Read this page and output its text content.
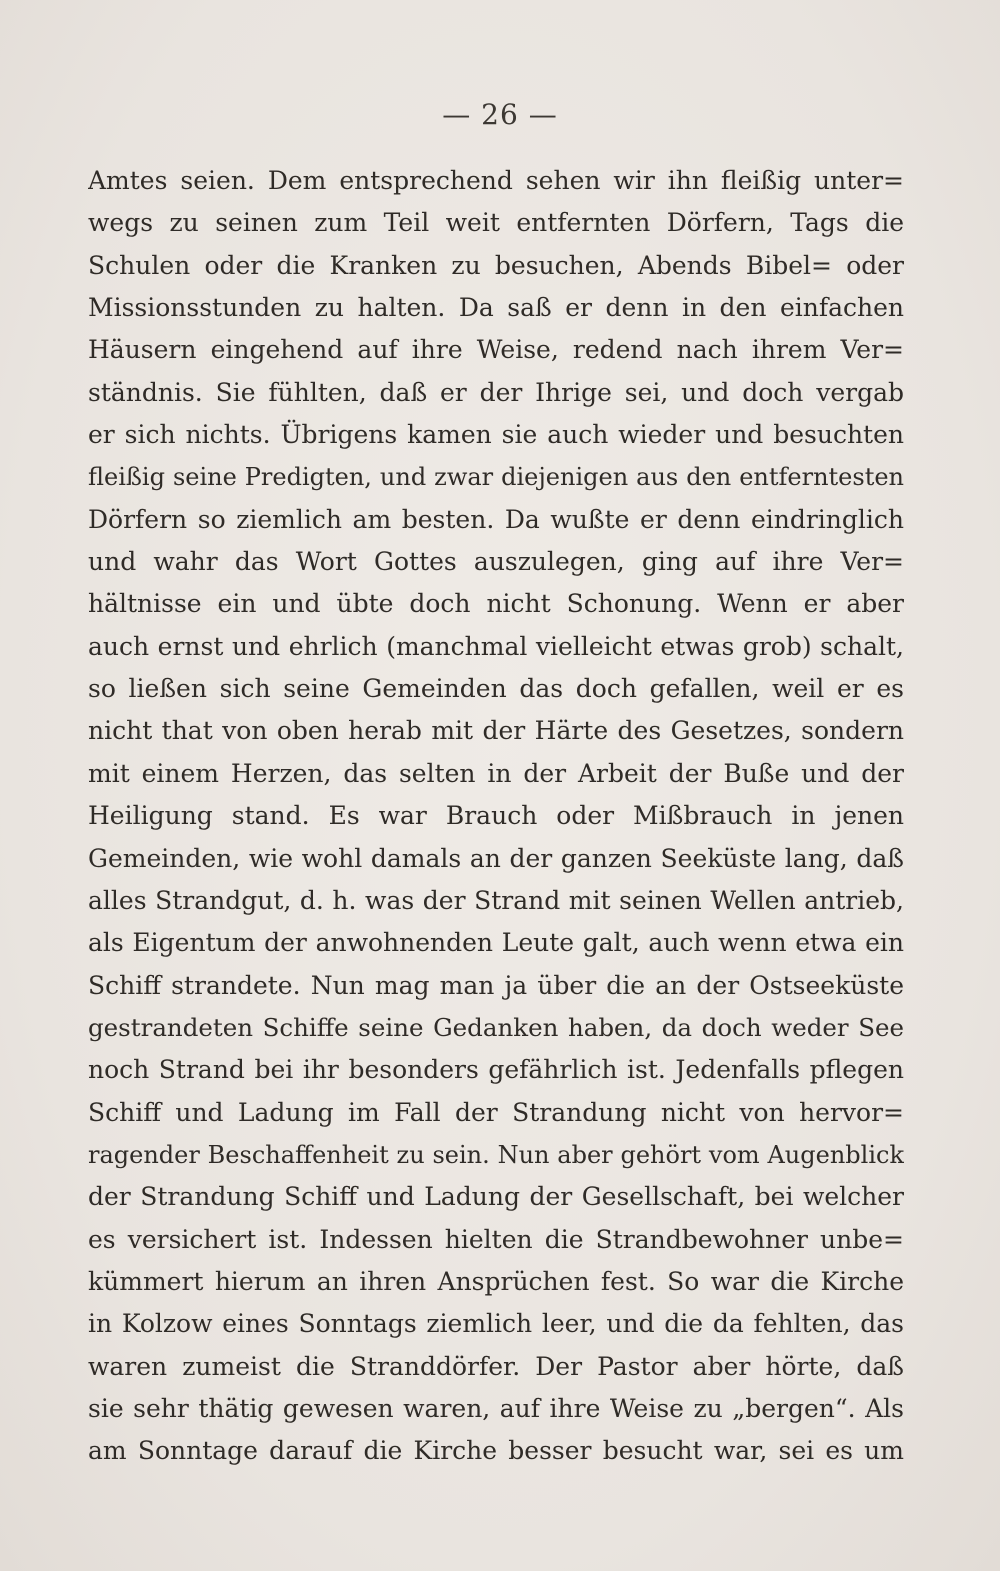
— 26 —
Amtes seien. Dem entsprechend sehen wir ihn fleißig unter=
wegs zu seinen zum Teil weit entfernten Dörfern, Tags die
Schulen oder die Kranken zu besuchen, Abends Bibel= oder
Missionsstunden zu halten. Da saß er denn in den einfachen
Häusern eingehend auf ihre Weise, redend nach ihrem Ver=
ständnis. Sie fühlten, daß er der Ihrige sei, und doch vergab
er sich nichts. Übrigens kamen sie auch wieder und besuchten
fleißig seine Predigten, und zwar diejenigen aus den entferntesten
Dörfern so ziemlich am besten. Da wußte er denn eindringlich
und wahr das Wort Gottes auszulegen, ging auf ihre Ver=
hältnisse ein und übte doch nicht Schonung. Wenn er aber
auch ernst und ehrlich (manchmal vielleicht etwas grob) schalt,
so ließen sich seine Gemeinden das doch gefallen, weil er es
nicht that von oben herab mit der Härte des Gesetzes, sondern
mit einem Herzen, das selten in der Arbeit der Buße und der
Heiligung stand. Es war Brauch oder Mißbrauch in jenen
Gemeinden, wie wohl damals an der ganzen Seeküste lang, daß
alles Strandgut, d. h. was der Strand mit seinen Wellen antrieb,
als Eigentum der anwohnenden Leute galt, auch wenn etwa ein
Schiff strandete. Nun mag man ja über die an der Ostseeküste
gestrandeten Schiffe seine Gedanken haben, da doch weder See
noch Strand bei ihr besonders gefährlich ist. Jedenfalls pflegen
Schiff und Ladung im Fall der Strandung nicht von hervor=
ragender Beschaffenheit zu sein. Nun aber gehört vom Augenblick
der Strandung Schiff und Ladung der Gesellschaft, bei welcher
es versichert ist. Indessen hielten die Strandbewohner unbe=
kümmert hierum an ihren Ansprüchen fest. So war die Kirche
in Kolzow eines Sonntags ziemlich leer, und die da fehlten, das
waren zumeist die Stranddörfer. Der Pastor aber hörte, daß
sie sehr thätig gewesen waren, auf ihre Weise zu „bergen“. Als
am Sonntage darauf die Kirche besser besucht war, sei es um
